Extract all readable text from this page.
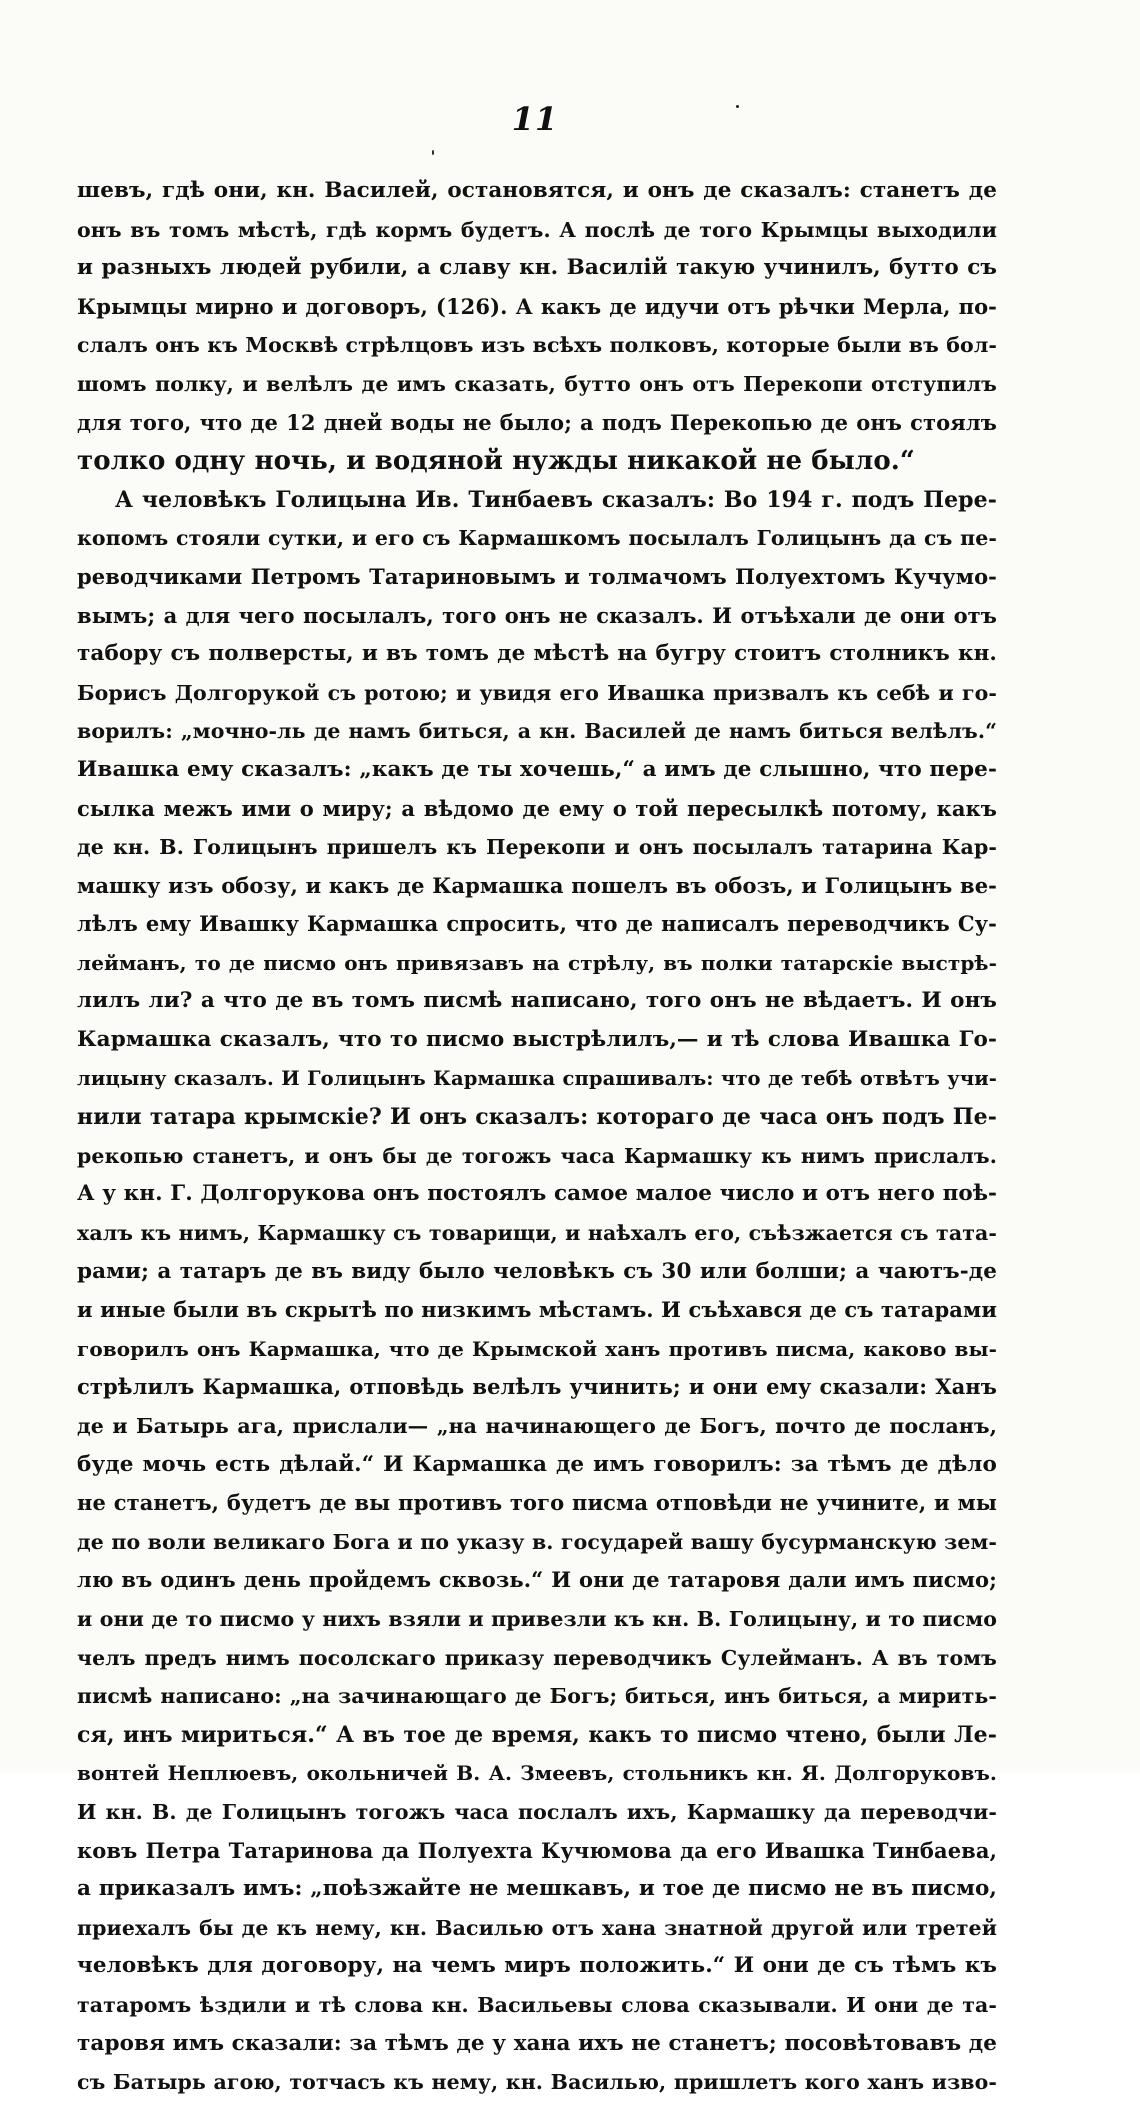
11
шевъ, гдѣ они, кн. Василей, остановятся, и онъ де сказалъ: станетъ де
онъ въ томъ мѣстѣ, гдѣ кормъ будетъ. А послѣ де того Крымцы выходили
и разныхъ людей рубили, а славу кн. Василій такую учинилъ, бутто съ
Крымцы мирно и договоръ, (126). А какъ де идучи отъ рѣчки Мерла, по-
слалъ онъ къ Москвѣ стрѣлцовъ изъ всѣхъ полковъ, которые были въ бол-
шомъ полку, и велѣлъ де имъ сказать, бутто онъ отъ Перекопи отступилъ
для того, что де 12 дней воды не было; а подъ Перекопью де онъ стоялъ
толко одну ночь, и водяной нужды никакой не было.“
А человѣкъ Голицына Ив. Тинбаевъ сказалъ: Во 194 г. подъ Пере-
копомъ стояли сутки, и его съ Кармашкомъ посылалъ Голицынъ да съ пе-
реводчиками Петромъ Татариновымъ и толмачомъ Полуехтомъ Кучумо-
вымъ; а для чего посылалъ, того онъ не сказалъ. И отъѣхали де они отъ
табору съ полверсты, и въ томъ де мѣстѣ на бугру стоитъ столникъ кн.
Борисъ Долгорукой съ ротою; и увидя его Ивашка призвалъ къ себѣ и го-
ворилъ: „мочно-ль де намъ биться, а кн. Василей де намъ биться велѣлъ.“
Ивашка ему сказалъ: „какъ де ты хочешь,“ а имъ де слышно, что пере-
сылка межъ ими о миру; а вѣдомо де ему о той пересылкѣ потому, какъ
де кн. В. Голицынъ пришелъ къ Перекопи и онъ посылалъ татарина Кар-
машку изъ обозу, и какъ де Кармашка пошелъ въ обозъ, и Голицынъ ве-
лѣлъ ему Ивашку Кармашка спросить, что де написалъ переводчикъ Су-
лейманъ, то де писмо онъ привязавъ на стрѣлу, въ полки татарскіе выстрѣ-
лилъ ли? а что де въ томъ писмѣ написано, того онъ не вѣдаетъ. И онъ
Кармашка сказалъ, что то писмо выстрѣлилъ,— и тѣ слова Ивашка Го-
лицыну сказалъ. И Голицынъ Кармашка спрашивалъ: что де тебѣ отвѣтъ учи-
нили татара крымскіе? И онъ сказалъ: котораго де часа онъ подъ Пе-
рекопью станетъ, и онъ бы де тогожъ часа Кармашку къ нимъ прислалъ.
А у кн. Г. Долгорукова онъ постоялъ самое малое число и отъ него поѣ-
халъ къ нимъ, Кармашку съ товарищи, и наѣхалъ его, съѣзжается съ тата-
рами; а татаръ де въ виду было человѣкъ съ 30 или болши; а чаютъ-де
и иные были въ скрытѣ по низкимъ мѣстамъ. И съѣхався де съ татарами
говорилъ онъ Кармашка, что де Крымской ханъ противъ писма, каково вы-
стрѣлилъ Кармашка, отповѣдь велѣлъ учинить; и они ему сказали: Ханъ
де и Батырь ага, прислали— „на начинающего де Богъ, почто де посланъ,
буде мочь есть дѣлай.“ И Кармашка де имъ говорилъ: за тѣмъ де дѣло
не станетъ, будетъ де вы противъ того писма отповѣди не учините, и мы
де по воли великаго Бога и по указу в. государей вашу бусурманскую зем-
лю въ одинъ день пройдемъ сквозь.“ И они де татаровя дали имъ писмо;
и они де то писмо у нихъ взяли и привезли къ кн. В. Голицыну, и то писмо
челъ предъ нимъ посолскаго приказу переводчикъ Сулейманъ. А въ томъ
писмѣ написано: „на зачинающаго де Богъ; биться, инъ биться, а мирить-
ся, инъ мириться.“ А въ тое де время, какъ то писмо чтено, были Ле-
вонтей Неплюевъ, окольничей В. А. Змеевъ, стольникъ кн. Я. Долгоруковъ.
И кн. В. де Голицынъ тогожъ часа послалъ ихъ, Кармашку да переводчи-
ковъ Петра Татаринова да Полуехта Кучюмова да его Ивашка Тинбаева,
а приказалъ имъ: „поѣзжайте не мешкавъ, и тое де писмо не въ писмо,
приехалъ бы де къ нему, кн. Василью отъ хана знатной другой или третей
человѣкъ для договору, на чемъ миръ положить.“ И они де съ тѣмъ къ
татаромъ ѣздили и тѣ слова кн. Васильевы слова сказывали. И они де та-
таровя имъ сказали: за тѣмъ де у хана ихъ не станетъ; посовѣтовавъ де
съ Батырь агою, тотчасъ къ нему, кн. Василью, пришлетъ кого ханъ изво-
